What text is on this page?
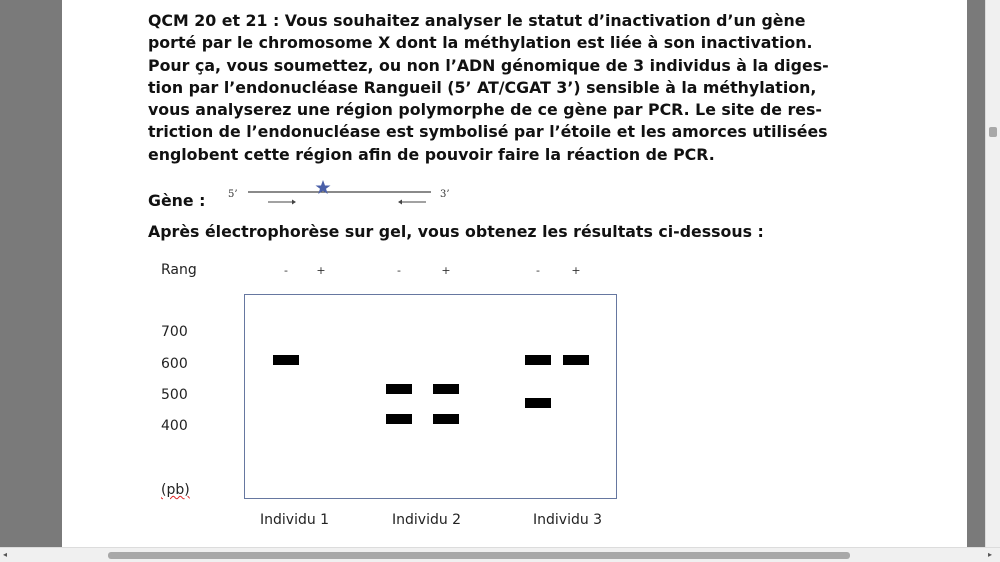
QCM 20 et 21 : Vous souhaitez analyser le statut d’inactivation d’un gène
porté par le chromosome X dont la méthylation est liée à son inactivation.
Pour ça, vous soumettez, ou non l’ADN génomique de 3 individus à la diges-
tion par l’endonucléase Rangueil (5’ AT/CGAT 3’) sensible à la méthylation,
vous analyserez une région polymorphe de ce gène par PCR. Le site de res-
triction de l’endonucléase est symbolisé par l’étoile et les amorces utilisées
englobent cette région afin de pouvoir faire la réaction de PCR.
Gène : 5’	3’
Après électrophorèse sur gel, vous obtenez les résultats ci-dessous :
Rang	-	+	-	+	-	+
700
600
500
400
(pb)
Individu 1	Individu 2	Individu 3
◂	▸
